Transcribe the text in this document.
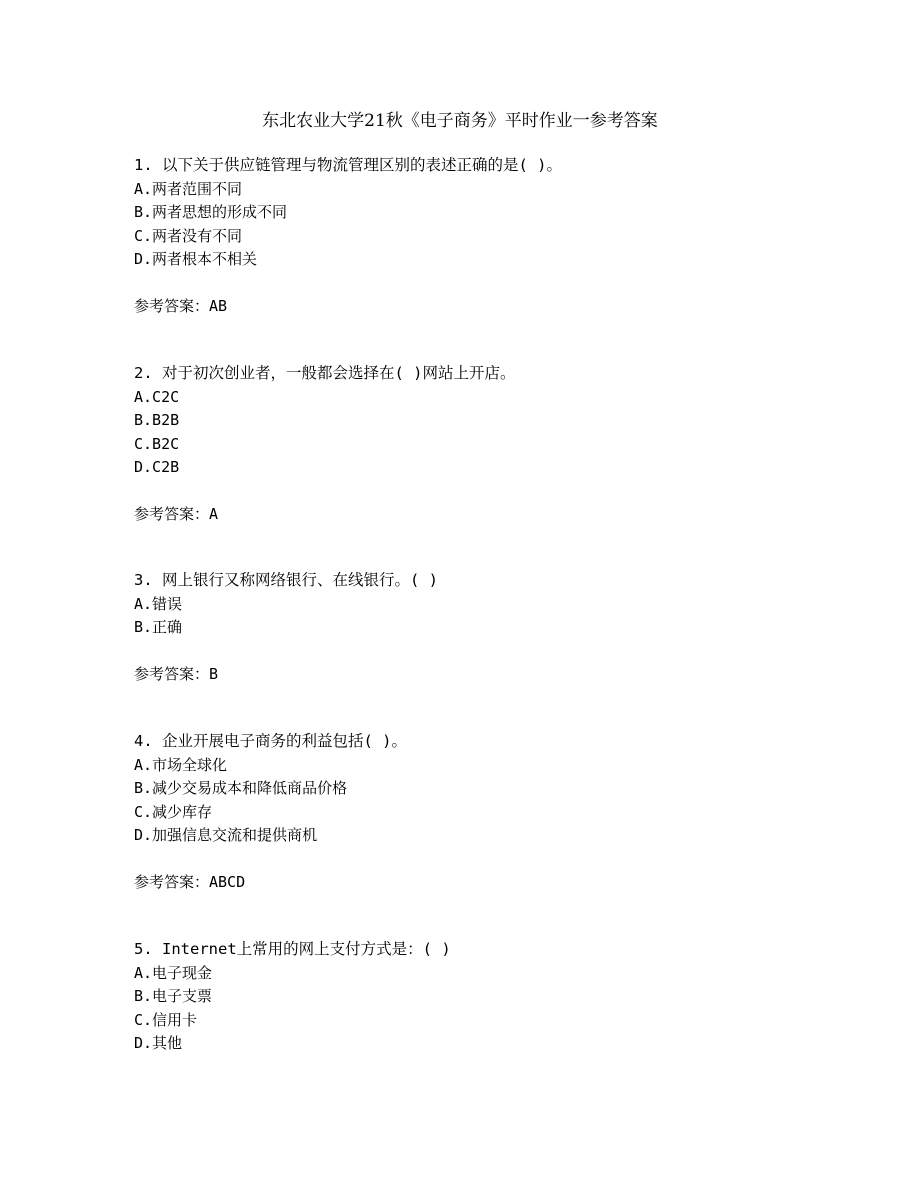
东北农业大学21秋《电子商务》平时作业一参考答案
1. 以下关于供应链管理与物流管理区别的表述正确的是( )。
A.两者范围不同
B.两者思想的形成不同
C.两者没有不同
D.两者根本不相关
参考答案：AB
2. 对于初次创业者，一般都会选择在( )网站上开店。
A.C2C
B.B2B
C.B2C
D.C2B
参考答案：A
3. 网上银行又称网络银行、在线银行。( )
A.错误
B.正确
参考答案：B
4. 企业开展电子商务的利益包括( )。
A.市场全球化
B.减少交易成本和降低商品价格
C.减少库存
D.加强信息交流和提供商机
参考答案：ABCD
5. Internet上常用的网上支付方式是：( )
A.电子现金
B.电子支票
C.信用卡
D.其他
